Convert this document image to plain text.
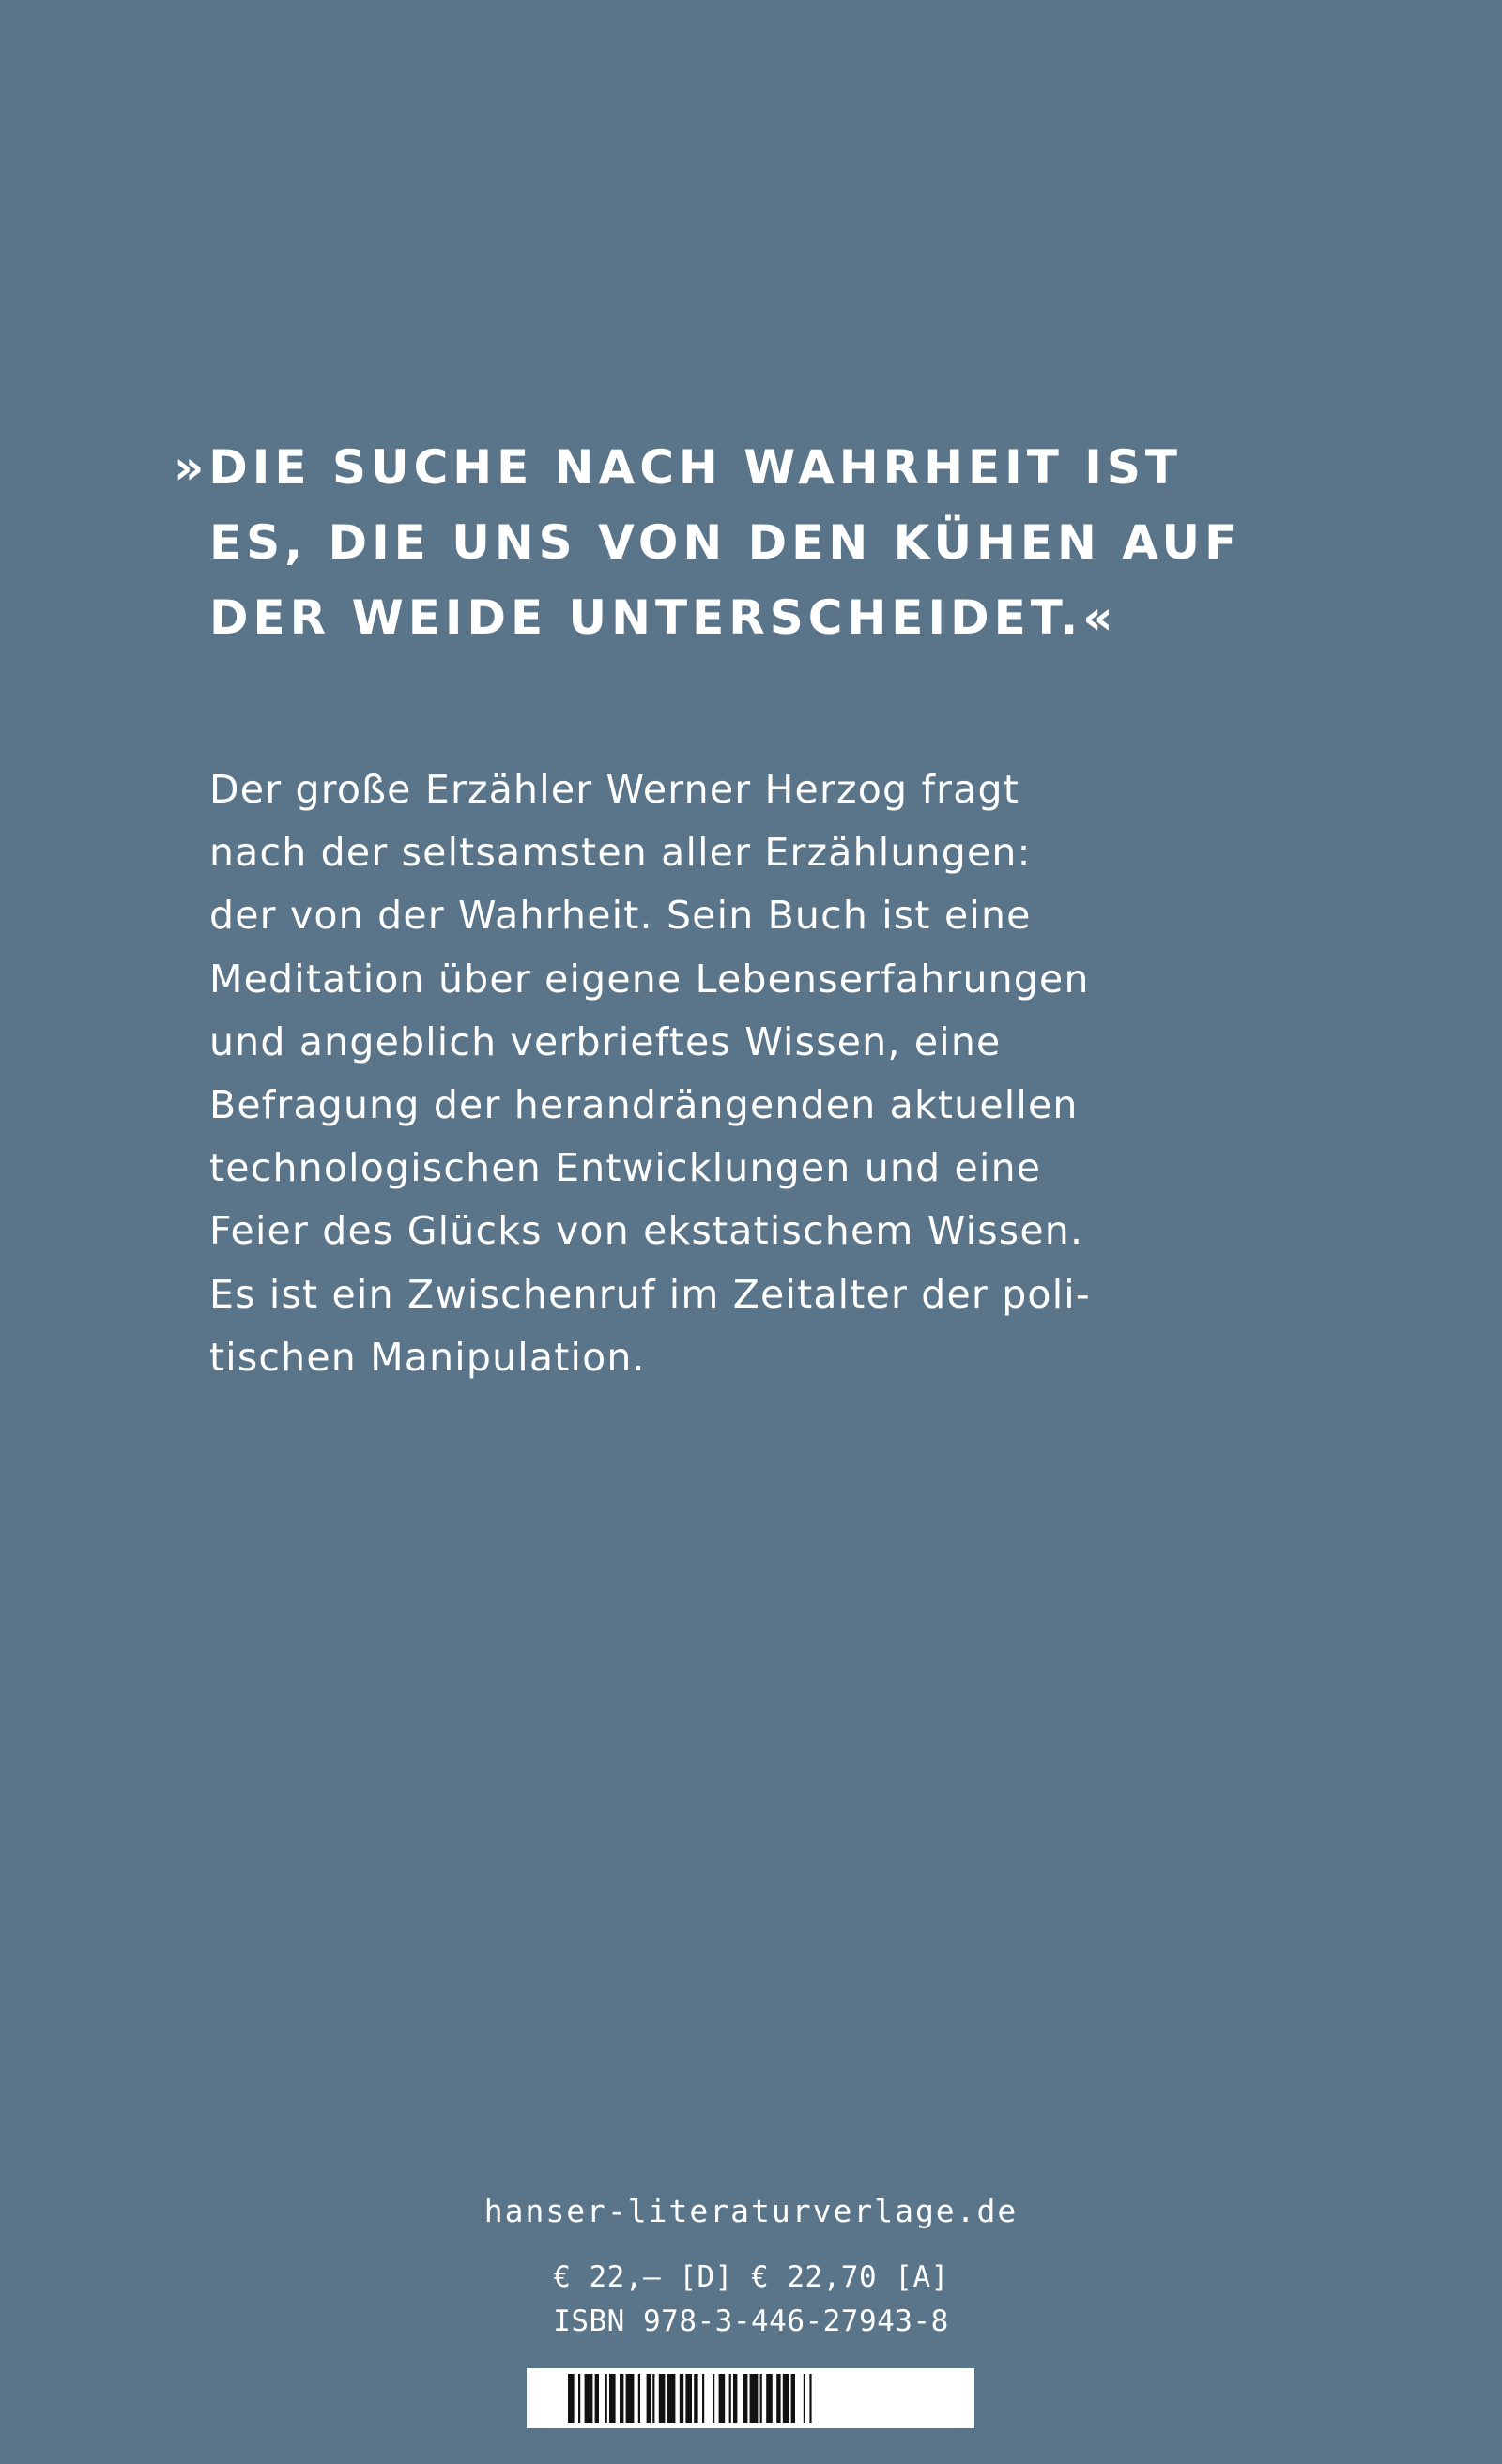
»DIE SUCHE NACH WAHRHEIT IST
ES, DIE UNS VON DEN KÜHEN AUF
DER WEIDE UNTERSCHEIDET.«

Der große Erzähler Werner Herzog fragt
nach der seltsamsten aller Erzählungen:
der von der Wahrheit. Sein Buch ist eine
Meditation über eigene Lebenserfahrungen
und angeblich verbrieftes Wissen, eine
Befragung der herandrängenden aktuellen
technologischen Entwicklungen und eine
Feier des Glücks von ekstatischem Wissen.
Es ist ein Zwischenruf im Zeitalter der poli-
tischen Manipulation.

hanser-literaturverlage.de
€ 22,– [D] € 22,70 [A]
ISBN 978-3-446-27943-8
